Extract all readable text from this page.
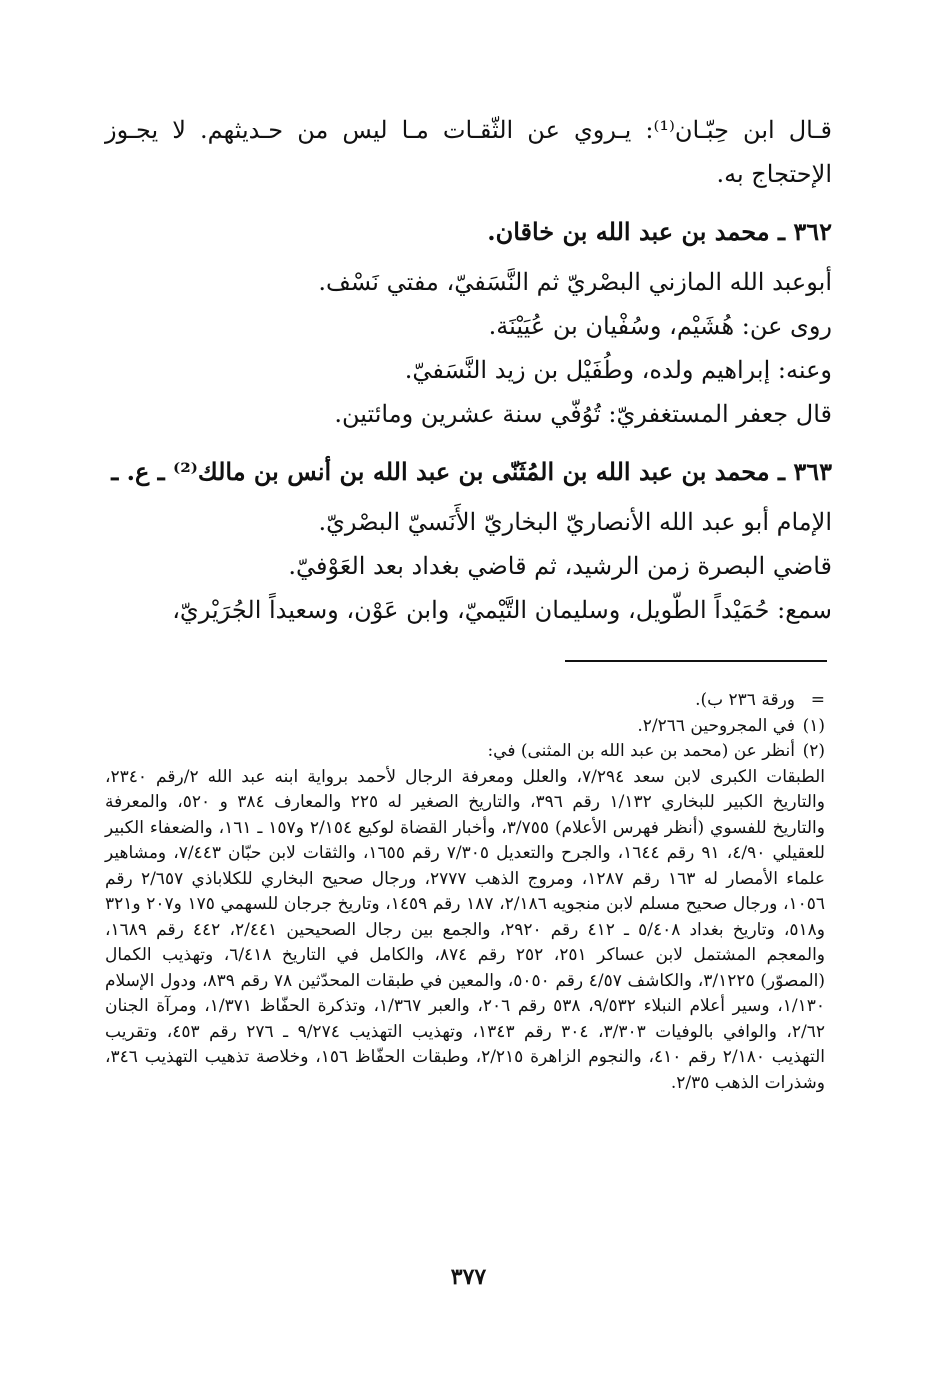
قـال ابن حِبّـان⁽¹⁾: يـروي عن الثّقـات مـا ليس من حـديثهم. لا يجـوز الإحتجاج به.

٣٦٢ ـ محمد بن عبد الله بن خاقان.

أبوعبد الله المازني البصْريّ ثم النَّسَفيّ، مفتي نَسْف.

روى عن: هُشَيْم، وسُفْيان بن عُيَيْنَة.

وعنه: إبراهيم ولده، وطُفَيْل بن زيد النَّسَفيّ.

قال جعفر المستغفريّ: تُوُفّي سنة عشرين ومائتين.

٣٦٣ ـ محمد بن عبد الله بن المُثَنّى بن عبد الله بن أنس بن مالك⁽²⁾ ـ ع. ـ

الإمام أبو عبد الله الأنصاريّ البخاريّ الأَنَسيّ البصْريّ.

قاضي البصرة زمن الرشيد، ثم قاضي بغداد بعد العَوْفيّ.

سمع: حُمَيْداً الطّويل، وسليمان التَّيْميّ، وابن عَوْن، وسعيداً الجُرَيْريّ،

=
ورقة ٢٣٦ ب).
(١)
في المجروحين ٢/٢٦٦.
(٢)
أنظر عن (محمد بن عبد الله بن المثنى) في:

الطبقات الكبرى لابن سعد ٧/٢٩٤، والعلل ومعرفة الرجال لأحمد برواية ابنه عبد الله ٢/رقم ٢٣٤٠، والتاريخ الكبير للبخاري ١/١٣٢ رقم ٣٩٦، والتاريخ الصغير له ٢٢٥ والمعارف ٣٨٤ و ٥٢٠، والمعرفة والتاريخ للفسوي (أنظر فهرس الأعلام) ٣/٧٥٥، وأخبار القضاة لوكيع ٢/١٥٤ و١٥٧ ـ ١٦١، والضعفاء الكبير للعقيلي ٤/٩٠، ٩١ رقم ١٦٤٤، والجرح والتعديل ٧/٣٠٥ رقم ١٦٥٥، والثقات لابن حبّان ٧/٤٤٣، ومشاهير علماء الأمصار له ١٦٣ رقم ١٢٨٧، ومروج الذهب ٢٧٧٧، ورجال صحيح البخاري للكلاباذي ٢/٦٥٧ رقم ١٠٥٦، ورجال صحيح مسلم لابن منجويه ٢/١٨٦، ١٨٧ رقم ١٤٥٩، وتاريخ جرجان للسهمي ١٧٥ و٢٠٧ و٣٢١ و٥١٨، وتاريخ بغداد ٥/٤٠٨ ـ ٤١٢ رقم ٢٩٢٠، والجمع بين رجال الصحيحين ٢/٤٤١، ٤٤٢ رقم ١٦٨٩، والمعجم المشتمل لابن عساكر ٢٥١، ٢٥٢ رقم ٨٧٤، والكامل في التاريخ ٦/٤١٨، وتهذيب الكمال (المصوّر) ٣/١٢٢٥، والكاشف ٤/٥٧ رقم ٥٠٥٠، والمعين في طبقات المحدّثين ٧٨ رقم ٨٣٩، ودول الإسلام ١/١٣٠، وسير أعلام النبلاء ٩/٥٣٢، ٥٣٨ رقم ٢٠٦، والعبر ١/٣٦٧، وتذكرة الحفّاظ ١/٣٧١، ومرآة الجنان ٢/٦٢، والوافي بالوفيات ٣/٣٠٣، ٣٠٤ رقم ١٣٤٣، وتهذيب التهذيب ٩/٢٧٤ ـ ٢٧٦ رقم ٤٥٣، وتقريب التهذيب ٢/١٨٠ رقم ٤١٠، والنجوم الزاهرة ٢/٢١٥، وطبقات الحفّاظ ١٥٦، وخلاصة تذهيب التهذيب ٣٤٦، وشذرات الذهب ٢/٣٥.

٣٧٧
